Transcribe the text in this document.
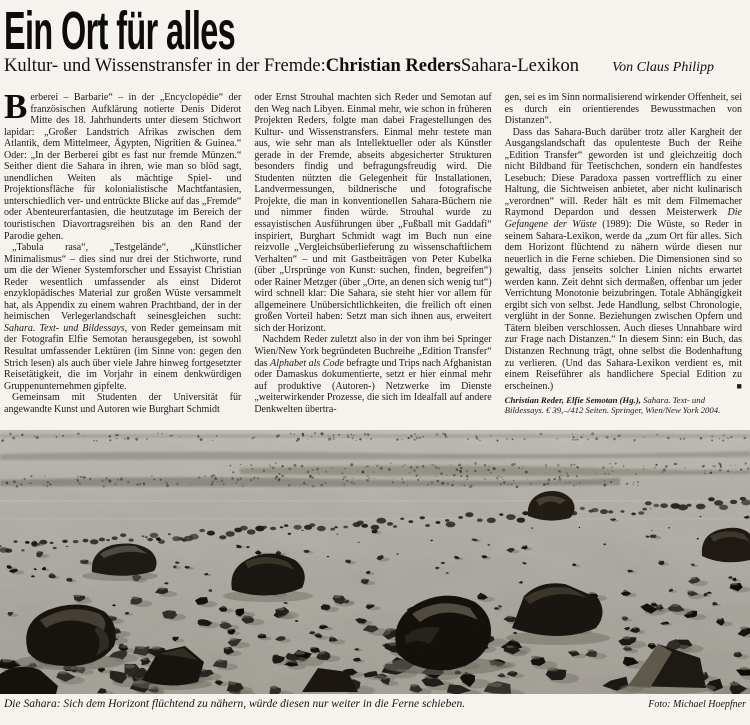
Ein Ort für alles
Kultur- und Wissenstransfer in der Fremde: Christian Reders Sahara-Lexikon Von Claus Philipp

Berberei – Barbarie“ – in der „Encyclopédie“ der französischen Aufklärung notierte Denis Diderot Mitte des 18. Jahrhunderts unter diesem Stichwort lapidar: „Großer Landstrich Afrikas zwischen dem Atlantik, dem Mittelmeer, Ägypten, Nigritien & Guinea.“ Oder: „In der Berberei gibt es fast nur fremde Münzen.“ Seither dient die Sahara in ihren, wie man so blöd sagt, unendlichen Weiten als mächtige Spiel- und Projektionsfläche für kolonialistische Machtfantasien, unterschiedlich ver- und entrückte Blicke auf das „Fremde“ oder Abenteurerfantasien, die heutzutage im Bereich der touristischen Diavortragsreihen bis an den Rand der Parodie gehen.

„Tabula rasa“, „Testgelände“, „Künstlicher Minimalismus“ – dies sind nur drei der Stichworte, rund um die der Wiener Systemforscher und Essayist Christian Reder wesentlich umfassender als einst Diderot enzyklopädisches Material zur großen Wüste versammelt hat, als Appendix zu einem wahren Prachtband, der in der heimischen Verlegerlandschaft seinesgleichen sucht: Sahara. Text- und Bildessays, von Reder gemeinsam mit der Fotografin Elfie Semotan herausgegeben, ist sowohl Resultat umfassender Lektüren (im Sinne von: gegen den Strich lesen) als auch über viele Jahre hinweg fortgesetzter Reisetätigkeit, die im Vorjahr in einem denkwürdigen Gruppenunternehmen gipfelte.

Gemeinsam mit Studenten der Universität für angewandte Kunst und Autoren wie Burghart Schmidt

oder Ernst Strouhal machten sich Reder und Semotan auf den Weg nach Libyen. Einmal mehr, wie schon in früheren Projekten Reders, folgte man dabei Fragestellungen des Kultur- und Wissenstransfers. Einmal mehr testete man aus, wie sehr man als Intellektueller oder als Künstler gerade in der Fremde, abseits abgesicherter Strukturen besonders findig und befragungsfreudig wird. Die Studenten nützten die Gelegenheit für Installationen, Landvermessungen, bildnerische und fotografische Projekte, die man in konventionellen Sahara-Büchern nie und nimmer finden würde. Strouhal wurde zu essayistischen Ausführungen über „Fußball mit Gaddafi“ inspiriert, Burghart Schmidt wagt im Buch nun eine reizvolle „Vergleichsüberlieferung zu wissenschaftlichem Verhalten“ – und mit Gastbeiträgen von Peter Kubelka (über „Ursprünge von Kunst: suchen, finden, begreifen“) oder Rainer Metzger (über „Orte, an denen sich wenig tut“) wird schnell klar: Die Sahara, sie steht hier vor allem für allgemeinere Unübersichtlichkeiten, die freilich oft einen großen Vorteil haben: Setzt man sich ihnen aus, erweitert sich der Horizont.

Nachdem Reder zuletzt also in der von ihm bei Springer Wien/New York begründeten Buchreihe „Edition Transfer“ das Alphabet als Code befragte und Trips nach Afghanistan oder Damaskus dokumentierte, setzt er hier einmal mehr auf produktive (Autoren-) Netzwerke im Dienste „weiterwirkender Prozesse, die sich im Idealfall auf andere Denkwelten übertra-

gen, sei es im Sinn normalisierend wirkender Offenheit, sei es durch ein orientierendes Bewusstmachen von Distanzen“.

Dass das Sahara-Buch darüber trotz aller Kargheit der Ausgangslandschaft das opulenteste Buch der Reihe „Edition Transfer“ geworden ist und gleichzeitig doch nicht Bildband für Teetischchen, sondern ein handfestes Lesebuch: Diese Paradoxa passen vortrefflich zu einer Haltung, die Sichtweisen anbietet, aber nicht kulinarisch „verordnen“ will. Reder hält es mit dem Filmemacher Raymond Depardon und dessen Meisterwerk Die Gefangene der Wüste (1989): Die Wüste, so Reder in seinem Sahara-Lexikon, werde da „zum Ort für alles. Sich dem Horizont flüchtend zu nähern würde diesen nur neuerlich in die Ferne schieben. Die Dimensionen sind so gewaltig, dass jenseits solcher Linien nichts erwartet werden kann. Zeit dehnt sich dermaßen, offenbar um jeder Verrichtung Monotonie beizubringen. Totale Abhängigkeit ergibt sich von selbst. Jede Handlung, selbst Chronologie, verglüht in der Sonne. Beziehungen zwischen Opfern und Tätern bleiben verschlossen. Auch dieses Unnahbare wird zur Frage nach Distanzen.“ In diesem Sinn: ein Buch, das Distanzen Rechnung trägt, ohne selbst die Bodenhaftung zu verlieren. (Und das Sahara-Lexikon verdient es, mit einem Reiseführer als handlichere Special Edition zu erscheinen.)	■

Christian Reder, Elfie Semotan (Hg.), Sahara. Text- und Bildessays. € 39,–/412 Seiten. Springer, Wien/New York 2004.
Die Sahara: Sich dem Horizont flüchtend zu nähern, würde diesen nur weiter in die Ferne schieben.	Foto: Michael Hoepfner
